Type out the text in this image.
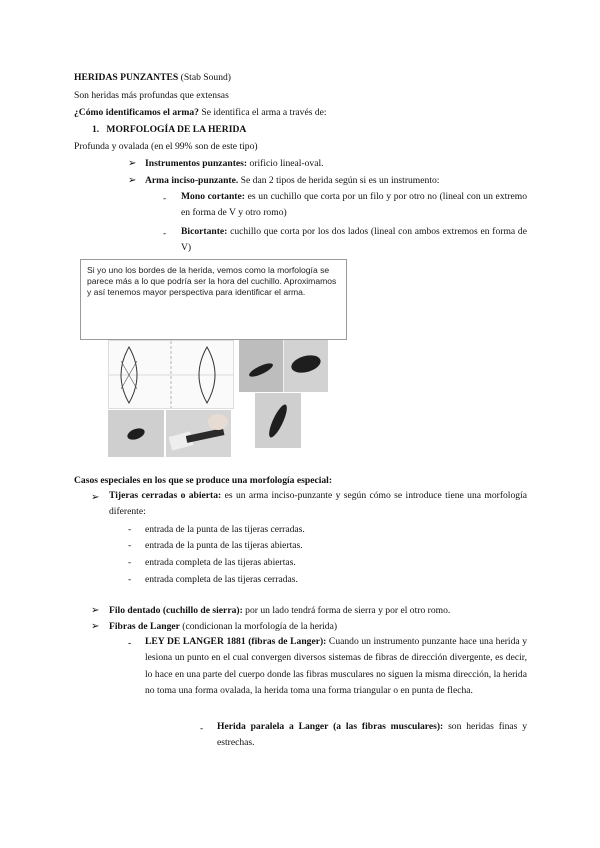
HERIDAS PUNZANTES (Stab Sound)
Son heridas más profundas que extensas
¿Cómo identificamos el arma? Se identifica el arma a través de:
1. MORFOLOGÍA DE LA HERIDA
Profunda y ovalada (en el 99% son de este tipo)
➢ Instrumentos punzantes: orificio lineal-oval.
➢ Arma inciso-punzante. Se dan 2 tipos de herida según si es un instrumento:
- Mono cortante: es un cuchillo que corta por un filo y por otro no (lineal con un extremo en forma de V y otro romo)
- Bicortante: cuchillo que corta por los dos lados (lineal con ambos extremos en forma de V)
Si yo uno los bordes de la herida, vemos como la morfología se parece más a lo que podría ser la hora del cuchillo. Aproximamos y así tenemos mayor perspectiva para identificar el arma.
Casos especiales en los que se produce una morfología especial:
➢ Tijeras cerradas o abierta: es un arma inciso-punzante y según cómo se introduce tiene una morfología diferente:
- entrada de la punta de las tijeras cerradas.
- entrada de la punta de las tijeras abiertas.
- entrada completa de las tijeras abiertas.
- entrada completa de las tijeras cerradas.
➢ Filo dentado (cuchillo de sierra): por un lado tendrá forma de sierra y por el otro romo.
➢ Fibras de Langer (condicionan la morfología de la herida)
- LEY DE LANGER 1881 (fibras de Langer): Cuando un instrumento punzante hace una herida y lesiona un punto en el cual convergen diversos sistemas de fibras de dirección divergente, es decir, lo hace en una parte del cuerpo donde las fibras musculares no siguen la misma dirección, la herida no toma una forma ovalada, la herida toma una forma triangular o en punta de flecha.
- Herida paralela a Langer (a las fibras musculares): son heridas finas y estrechas.
